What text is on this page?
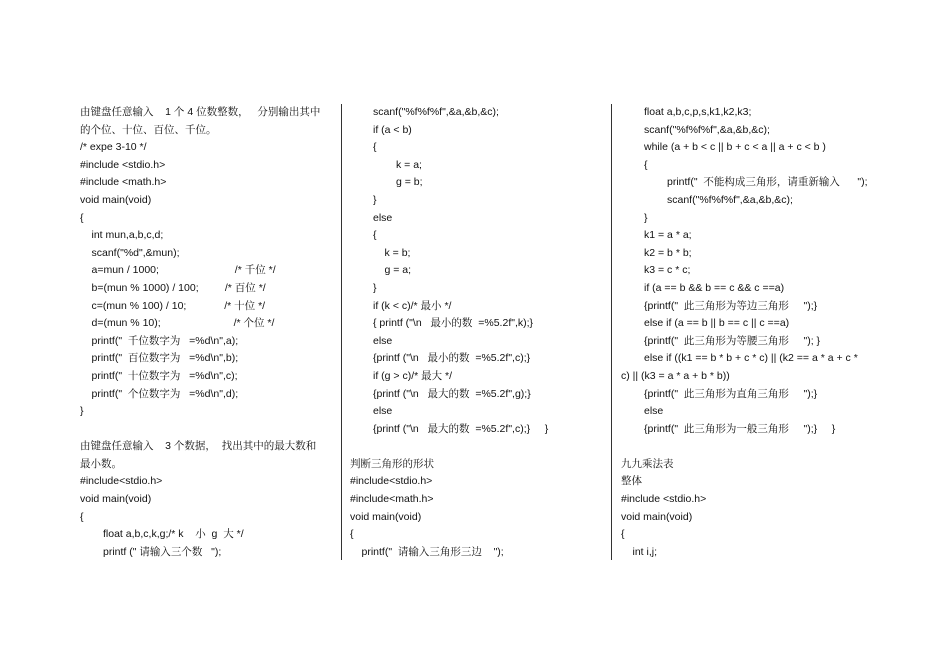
由键盘任意输入    1 个 4 位数整数，   分别输出其中
的个位、十位、百位、千位。
/* expe 3-10 */
#include <stdio.h>
#include <math.h>
void main(void)
{
int mun,a,b,c,d;
scanf("%d",&mun);
a=mun / 1000;                          /* 千位 */
b=(mun % 1000) / 100;         /* 百位 */
c=(mun % 100) / 10;             /* 十位 */
d=(mun % 10);                         /* 个位 */
printf("  千位数字为   =%d\n",a);
printf("  百位数字为   =%d\n",b);
printf("  十位数字为   =%d\n",c);
printf("  个位数字为   =%d\n",d);
}
由键盘任意输入    3 个数据，  找出其中的最大数和
最小数。
#include<stdio.h>
void main(void)
{
float a,b,c,k,g;/* k    小  g  大 */
printf (" 请输入三个数   ");
scanf("%f%f%f",&a,&b,&c);
if (a < b)
{
k = a;
g = b;
}
else
{
k = b;
g = a;
}
if (k < c)/* 最小 */
{ printf ("\n   最小的数  =%5.2f",k);}
else
{printf ("\n   最小的数  =%5.2f",c);}
if (g > c)/* 最大 */
{printf ("\n   最大的数  =%5.2f",g);}
else
{printf ("\n   最大的数  =%5.2f",c);}     }
判断三角形的形状
#include<stdio.h>
#include<math.h>
void main(void)
{
printf("  请输入三角形三边    ");
float a,b,c,p,s,k1,k2,k3;
scanf("%f%f%f",&a,&b,&c);
while (a + b < c || b + c < a || a + c < b )
{
printf("  不能构成三角形，请重新输入      ");
scanf("%f%f%f",&a,&b,&c);
}
k1 = a * a;
k2 = b * b;
k3 = c * c;
if (a == b && b == c && c ==a)
{printf("  此三角形为等边三角形     ");}
else if (a == b || b == c || c ==a)
{printf("  此三角形为等腰三角形     "); }
else if ((k1 == b * b + c * c) || (k2 == a * a + c *
c) || (k3 = a * a + b * b))
{printf("  此三角形为直角三角形     ");}
else
{printf("  此三角形为一般三角形     ");}     }
九九乘法表
整体
#include <stdio.h>
void main(void)
{
int i,j;
